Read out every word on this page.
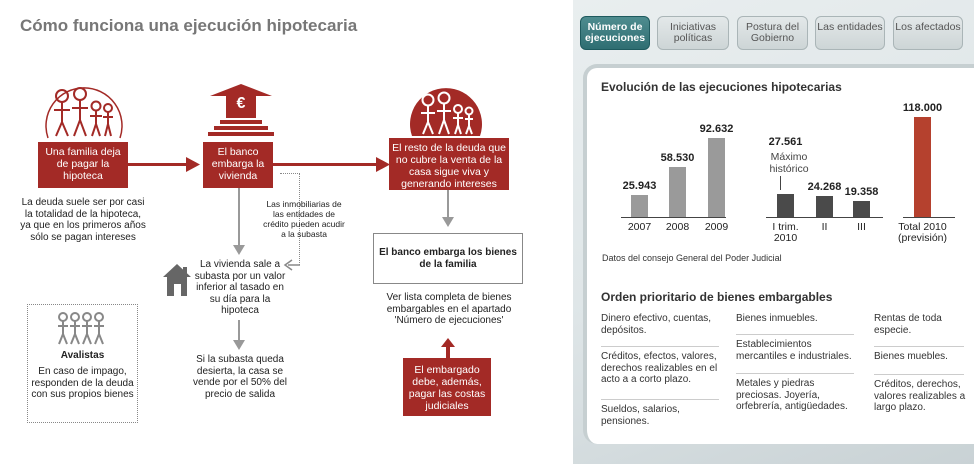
Cómo funciona una ejecución hipotecaria
Una familia deja de pagar la hipoteca
La deuda suele ser por casi la totalidad de la hipoteca, ya que en los primeros años sólo se pagan intereses
€
El banco embarga la vivienda
Las inmobiliarias de las entidades de crédito pueden acudir a la subasta
La vivienda sale a subasta por un valor inferior al tasado en su día para la hipoteca
Si la subasta queda desierta, la casa se vende por el 50% del precio de salida
Avalistas
En caso de impago, responden de la deuda con sus propios bienes
El resto de la deuda que no cubre la venta de la casa sigue viva y generando intereses
El banco embarga los bienes de la familia
Ver lista completa de bienes embargables en el apartado 'Número de ejecuciones'
El embargado debe, además, pagar las costas judiciales
Número de ejecuciones
Iniciativas políticas
Postura del Gobierno
Las entidades Los afectados
Evolución de las ejecuciones hipotecarias
25.943
2007
58.530
2008
92.632
2009
27.561
I trim. 2010
24.268
II
19.358
III
118.000
Total 2010 (previsión)
Máximo histórico
Datos del consejo General del Poder Judicial
Orden prioritario de bienes embargables
Dinero efectivo, cuentas, depósitos.
Créditos, efectos, valores, derechos realizables en el acto a a corto plazo.
Sueldos, salarios, pensiones.
Bienes inmuebles.
Establecimientos mercantiles e industriales.
Metales y piedras preciosas. Joyería, orfebrería, antigüedades.
Rentas de toda especie.
Bienes muebles.
Créditos, derechos, valores realizables a largo plazo.
